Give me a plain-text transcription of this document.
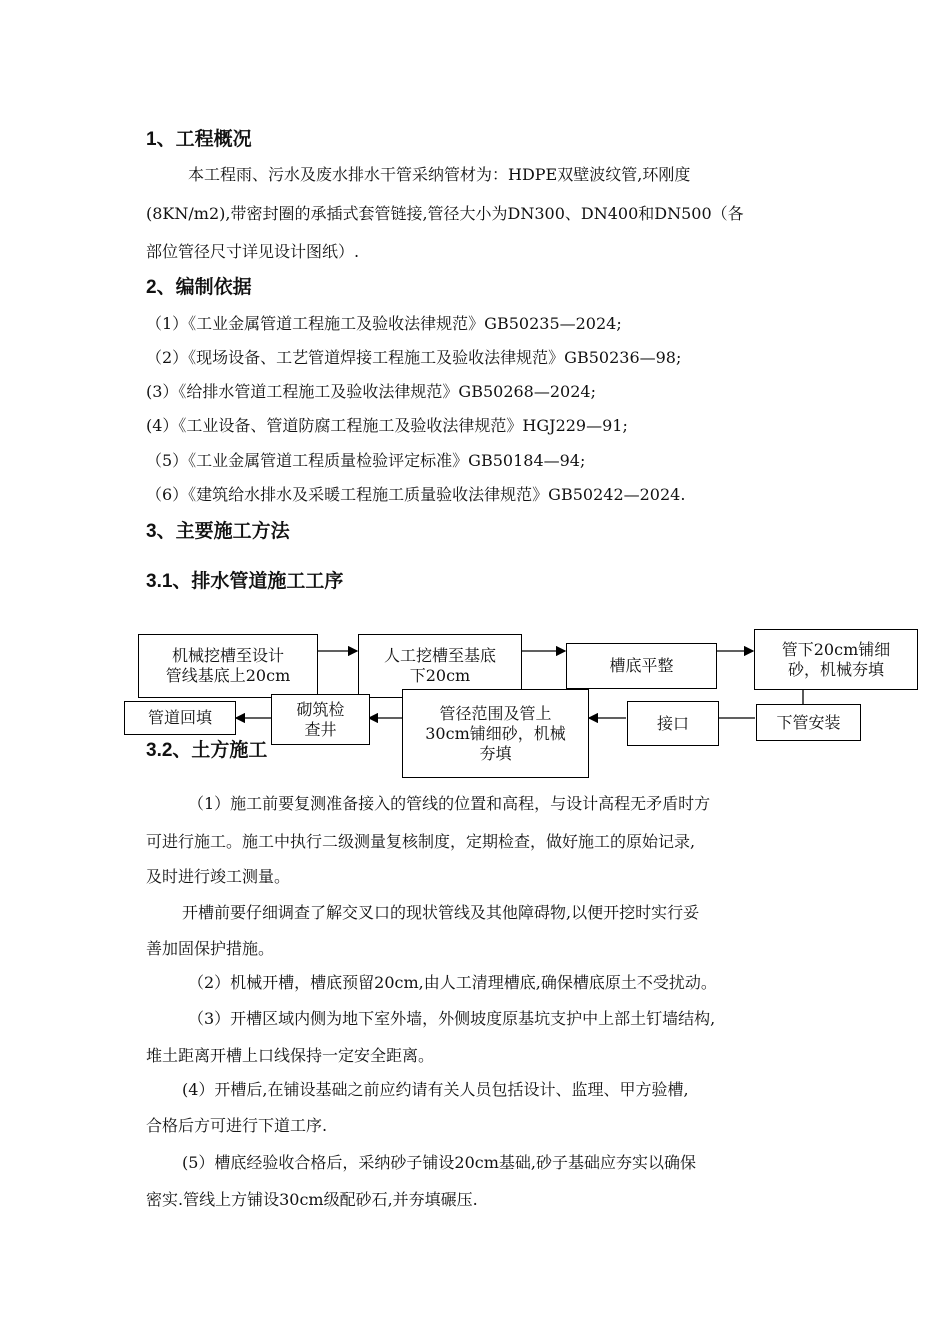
1、工程概况
本工程雨、污水及废水排水干管采纳管材为：HDPE双壁波纹管,环刚度
(8KN/m2),带密封圈的承插式套管链接,管径大小为DN300、DN400和DN500（各
部位管径尺寸详见设计图纸）.
2、编制依据
（1）《工业金属管道工程施工及验收法律规范》GB50235—2024;
（2）《现场设备、工艺管道焊接工程施工及验收法律规范》GB50236—98;
(3）《给排水管道工程施工及验收法律规范》GB50268—2024;
(4）《工业设备、管道防腐工程施工及验收法律规范》HGJ229—91;
（5）《工业金属管道工程质量检验评定标准》GB50184—94;
（6）《建筑给水排水及采暖工程施工质量验收法律规范》GB50242—2024.
3、主要施工方法
3.1、排水管道施工工序
3.2、土方施工
机械挖槽至设计
管线基底上20cm
人工挖槽至基底
下20cm
槽底平整
管下20cm铺细
砂，机械夯填
下管安装
接口
管径范围及管上
30cm铺细砂，机械
夯填
砌筑检
查井
管道回填
（1）施工前要复测准备接入的管线的位置和高程，与设计高程无矛盾时方
可进行施工。施工中执行二级测量复核制度，定期检查，做好施工的原始记录,
及时进行竣工测量。
开槽前要仔细调查了解交叉口的现状管线及其他障碍物,以便开挖时实行妥
善加固保护措施。
（2）机械开槽，槽底预留20cm,由人工清理槽底,确保槽底原土不受扰动。
（3）开槽区域内侧为地下室外墙，外侧坡度原基坑支护中上部土钉墙结构,
堆土距离开槽上口线保持一定安全距离。
(4）开槽后,在铺设基础之前应约请有关人员包括设计、监理、甲方验槽,
合格后方可进行下道工序.
(5）槽底经验收合格后，采纳砂子铺设20cm基础,砂子基础应夯实以确保
密实.管线上方铺设30cm级配砂石,并夯填碾压.
